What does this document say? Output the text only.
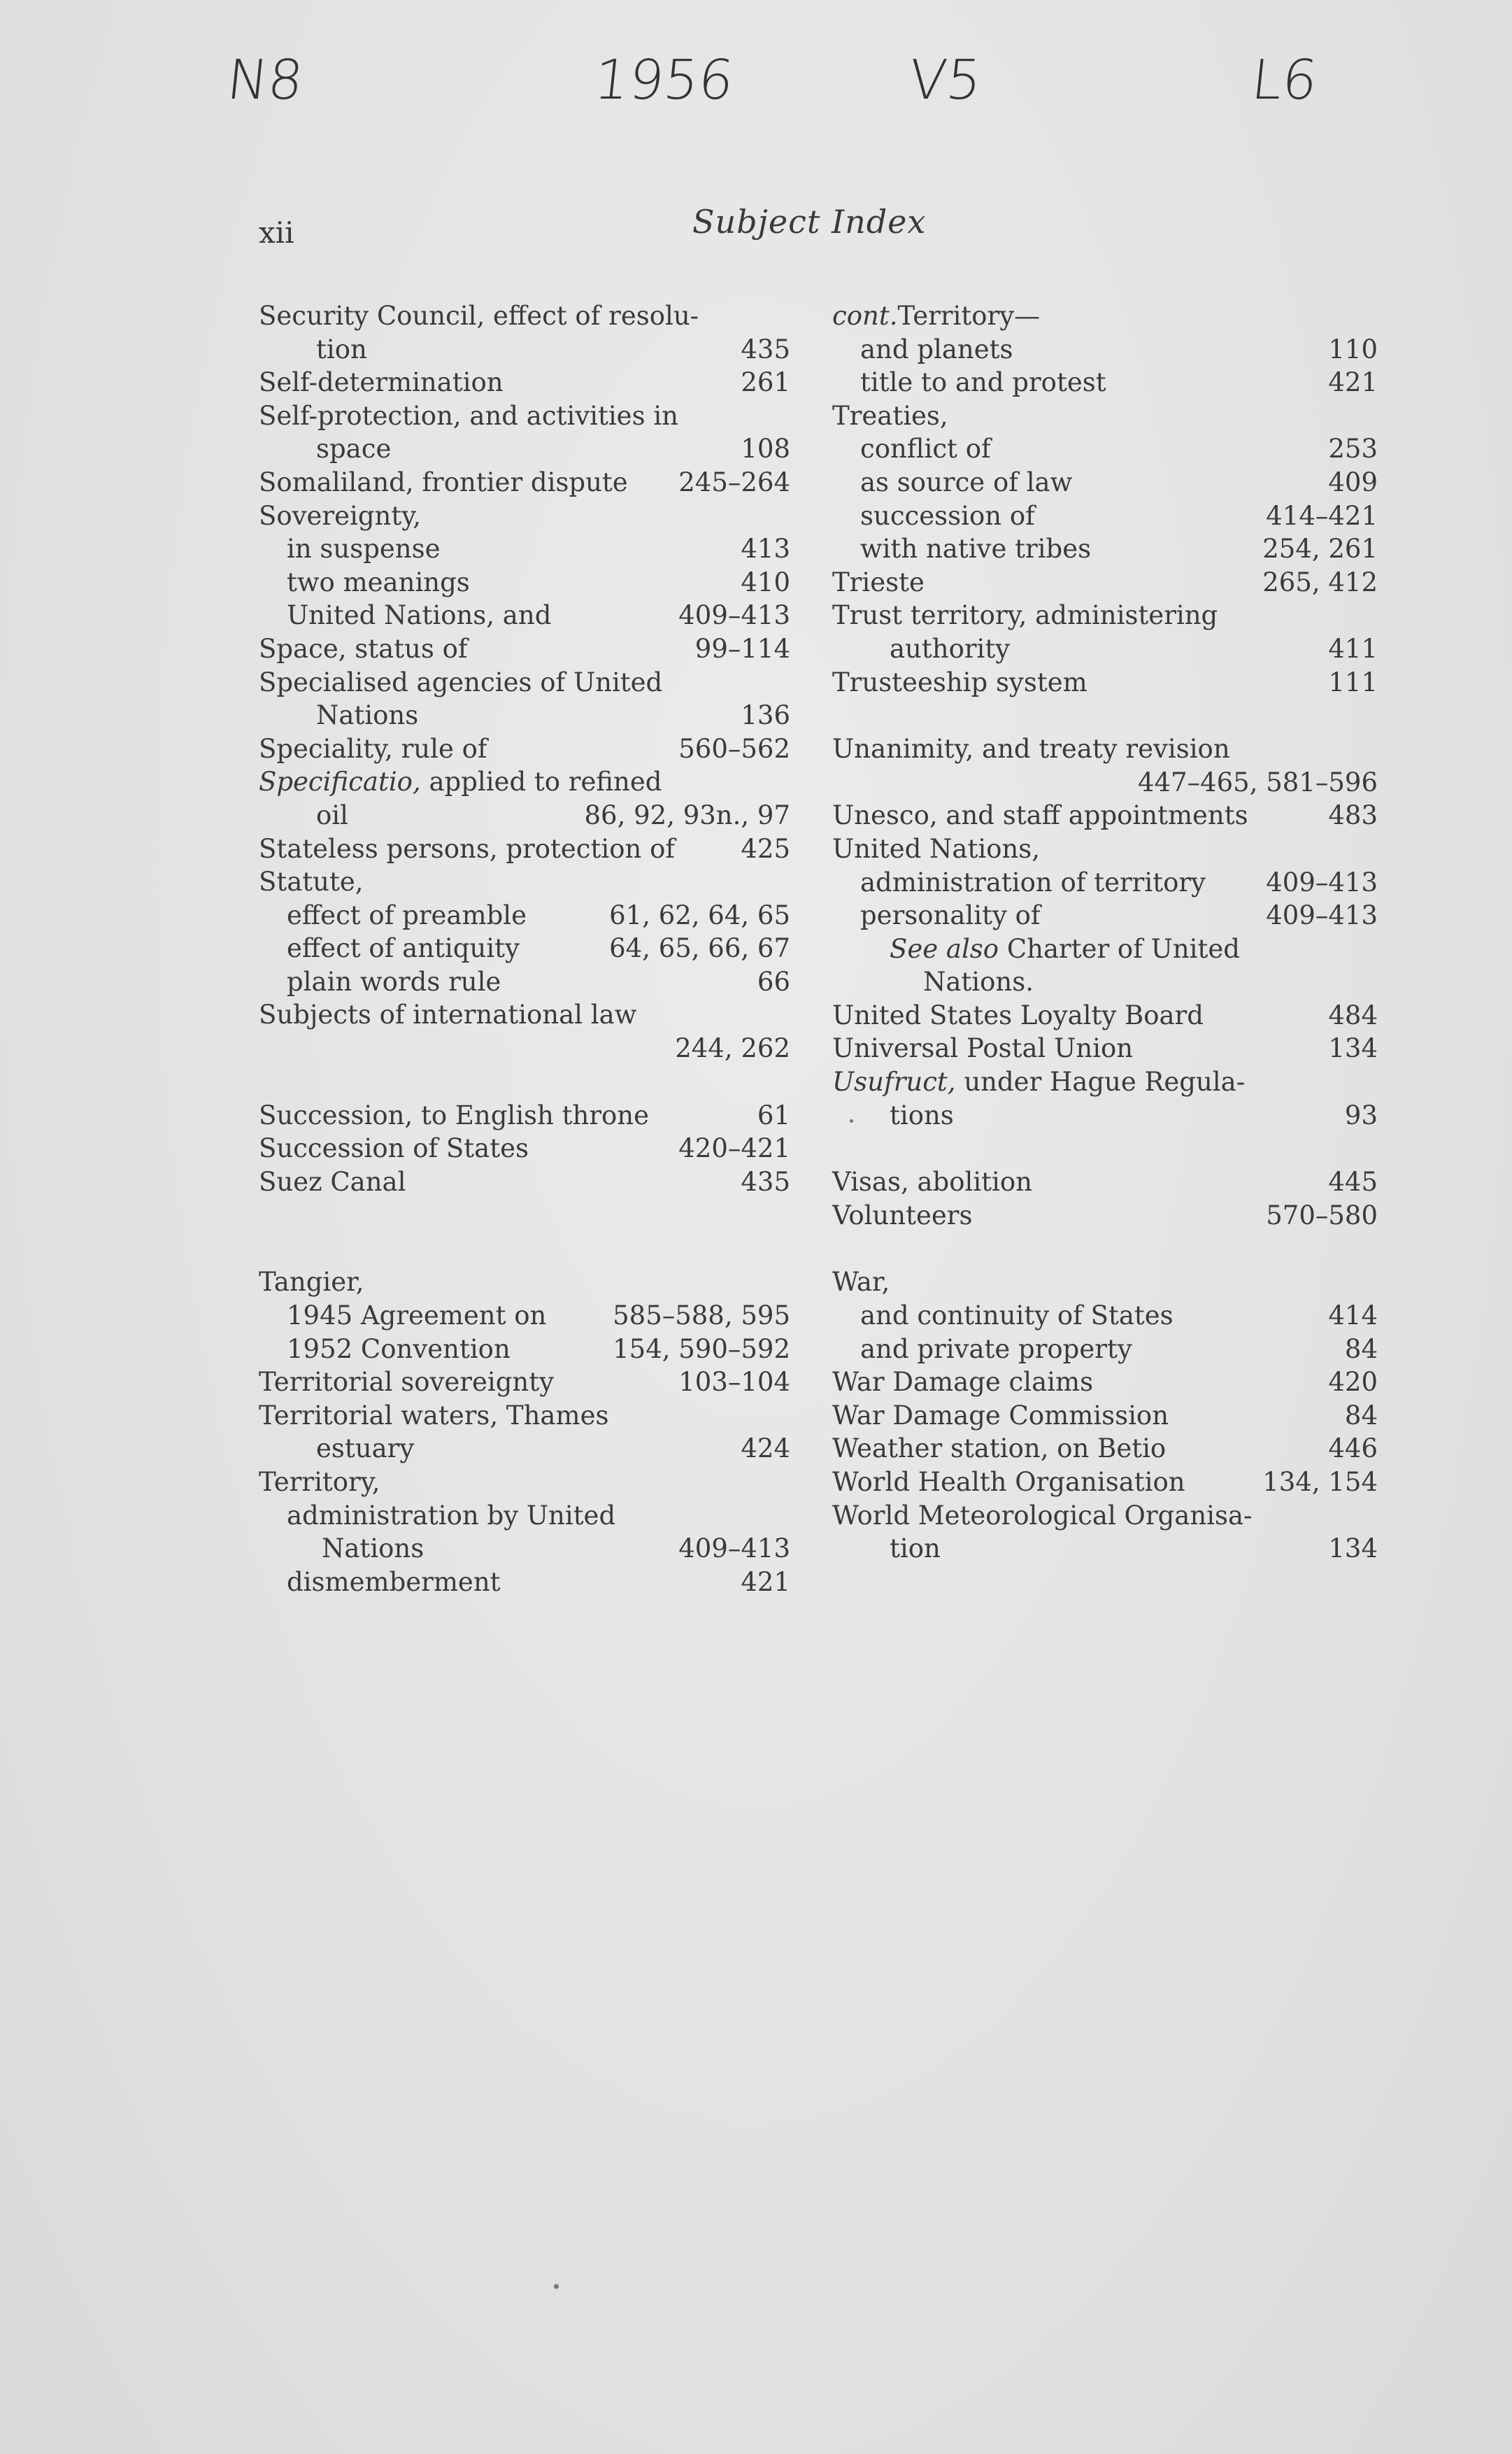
N8	1956	V5	L6
xii	Subject Index
Security Council, effect of resolu-
tion	435
Self-determination	261
Self-protection, and activities in
space	108
Somaliland, frontier dispute 245–264
Sovereignty,
in suspense	413
two meanings	410
United Nations, and	409–413
Space, status of	99–114
Specialised agencies of United
Nations	136
Speciality, rule of	560–562
Specificatio, applied to refined
oil	86, 92, 93n., 97
Stateless persons, protection of	425
Statute,
effect of preamble	61, 62, 64, 65
effect of antiquity	64, 65, 66, 67
plain words rule	66
Subjects of international law
244, 262
Succession, to English throne	61
Succession of States	420–421
Suez Canal	435
Tangier,
1945 Agreement on	585–588, 595
1952 Convention	154, 590–592
Territorial sovereignty	103–104
Territorial waters, Thames
estuary	424
Territory,
administration by United
Nations	409–413
dismemberment	421
cont.Territory—
and planets	110
title to and protest	421
Treaties,
conflict of	253
as source of law	409
succession of	414–421
with native tribes	254, 261
Trieste	265, 412
Trust territory, administering
authority	411
Trusteeship system	111
Unanimity, and treaty revision
447–465, 581–596
Unesco, and staff appointments	483
United Nations,
administration of territory 409–413
personality of	409–413
See also Charter of United
Nations.
United States Loyalty Board	484
Universal Postal Union	134
Usufruct, under Hague Regula-
tions	93
Visas, abolition	445
Volunteers	570–580
War,
and continuity of States	414
and private property	84
War Damage claims	420
War Damage Commission	84
Weather station, on Betio	446
World Health Organisation	134, 154
World Meteorological Organisa-
tion	134
